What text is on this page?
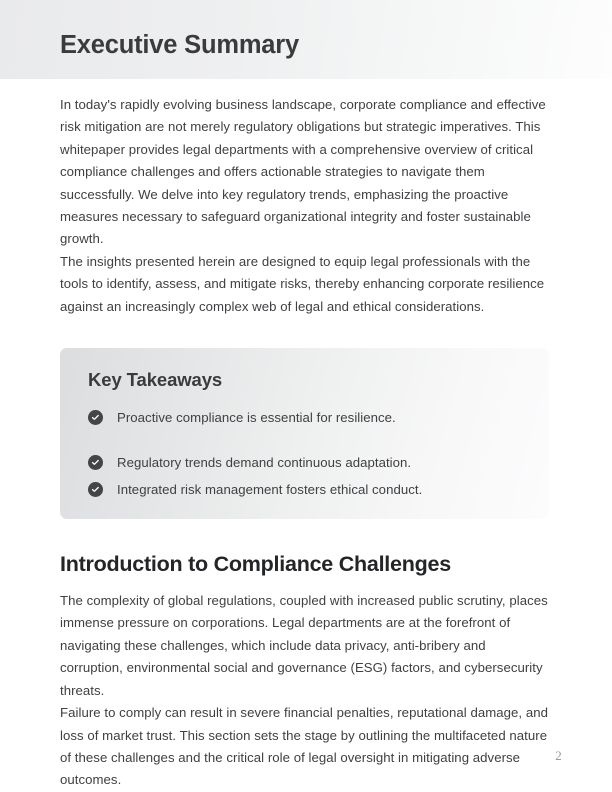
Executive Summary

In today's rapidly evolving business landscape, corporate compliance and effective risk mitigation are not merely regulatory obligations but strategic imperatives. This whitepaper provides legal departments with a comprehensive overview of critical compliance challenges and offers actionable strategies to navigate them successfully. We delve into key regulatory trends, emphasizing the proactive measures necessary to safeguard organizational integrity and foster sustainable growth.

The insights presented herein are designed to equip legal professionals with the tools to identify, assess, and mitigate risks, thereby enhancing corporate resilience against an increasingly complex web of legal and ethical considerations.

Key Takeaways
Proactive compliance is essential for resilience.
Regulatory trends demand continuous adaptation.
Integrated risk management fosters ethical conduct.
Introduction to Compliance Challenges

The complexity of global regulations, coupled with increased public scrutiny, places immense pressure on corporations. Legal departments are at the forefront of navigating these challenges, which include data privacy, anti-bribery and corruption, environmental social and governance (ESG) factors, and cybersecurity threats.

Failure to comply can result in severe financial penalties, reputational damage, and loss of market trust. This section sets the stage by outlining the multifaceted nature of these challenges and the critical role of legal oversight in mitigating adverse outcomes.

2
